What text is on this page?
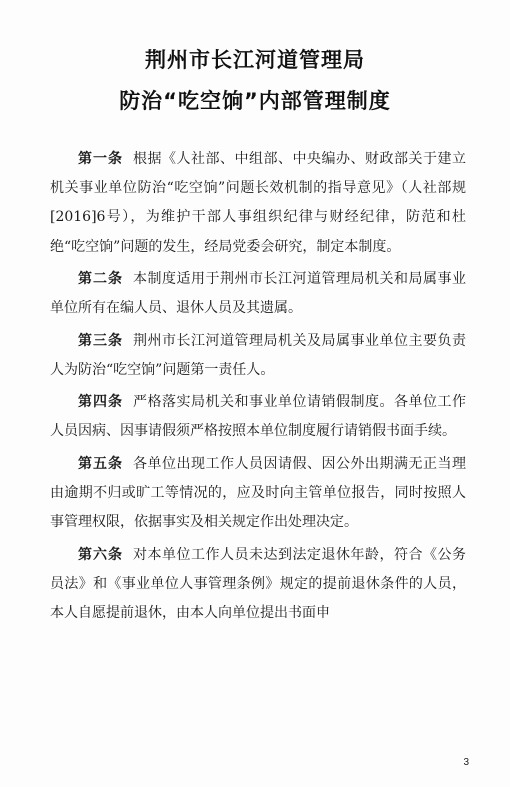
荆州市长江河道管理局
防治“吃空饷”内部管理制度

第一条 根据《人社部、中组部、中央编办、财政部关于建立机关事业单位防治“吃空饷”问题长效机制的指导意见》（人社部规[2016]6号），为维护干部人事组织纪律与财经纪律，防范和杜绝“吃空饷”问题的发生，经局党委会研究，制定本制度。

第二条 本制度适用于荆州市长江河道管理局机关和局属事业单位所有在编人员、退休人员及其遗属。

第三条 荆州市长江河道管理局机关及局属事业单位主要负责人为防治“吃空饷”问题第一责任人。

第四条 严格落实局机关和事业单位请销假制度。各单位工作人员因病、因事请假须严格按照本单位制度履行请销假书面手续。

第五条 各单位出现工作人员因请假、因公外出期满无正当理由逾期不归或旷工等情况的，应及时向主管单位报告，同时按照人事管理权限，依据事实及相关规定作出处理决定。

第六条 对本单位工作人员未达到法定退休年龄，符合《公务员法》和《事业单位人事管理条例》规定的提前退休条件的人员，本人自愿提前退休，由本人向单位提出书面申

3
